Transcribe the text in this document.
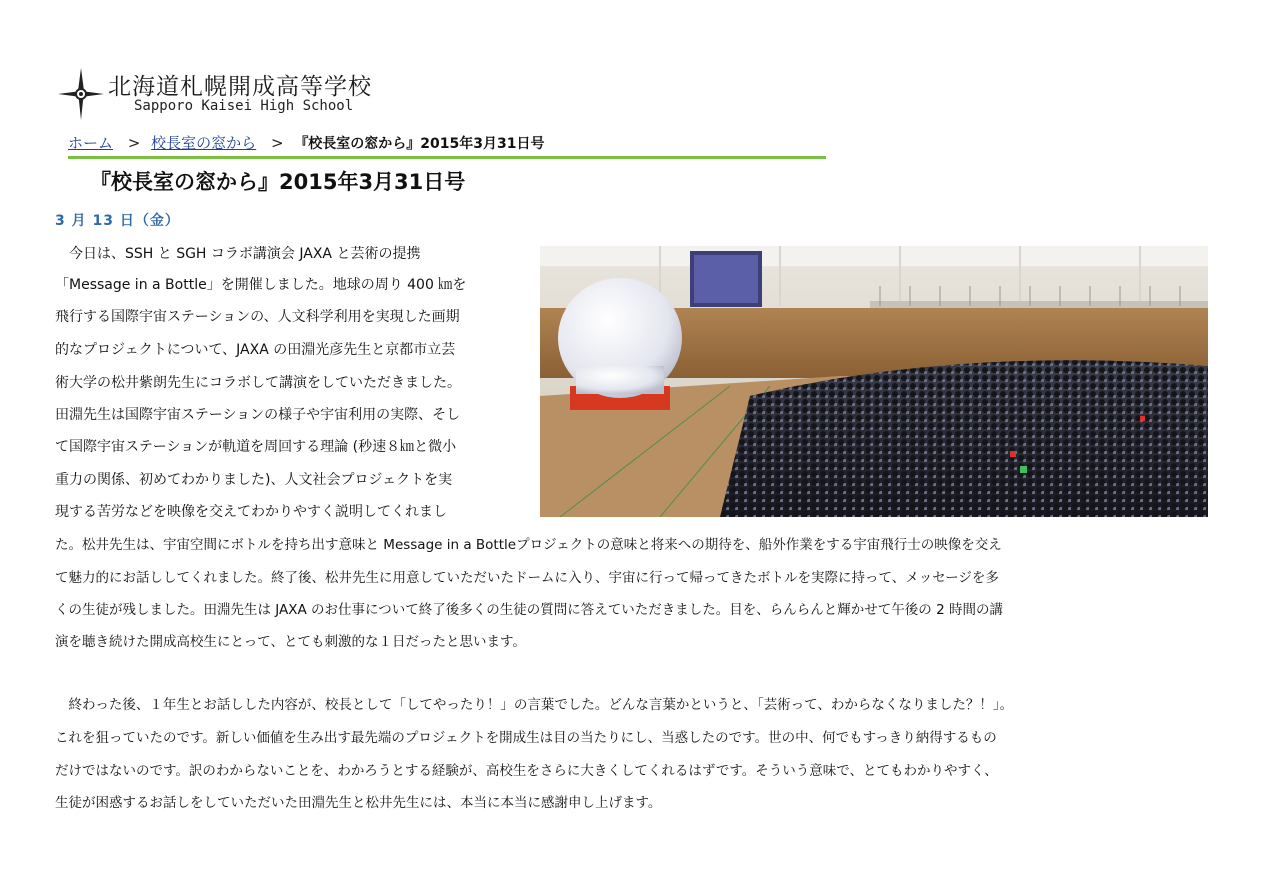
北海道札幌開成高等学校
Sapporo Kaisei High School
ホーム > 校長室の窓から > 『校長室の窓から』2015年3月31日号
『校長室の窓から』2015年3月31日号
3 月 13 日（金）
　今日は、SSH と SGH コラボ講演会 JAXA と芸術の提携
「Message in a Bottle」を開催しました。地球の周り 400 ㎞を
飛行する国際宇宙ステーションの、人文科学利用を実現した画期
的なプロジェクトについて、JAXA の田淵光彦先生と京都市立芸
術大学の松井紫朗先生にコラボして講演をしていただきました。
田淵先生は国際宇宙ステーションの様子や宇宙利用の実際、そし
て国際宇宙ステーションが軌道を周回する理論 (秒速８㎞と微小
重力の関係、初めてわかりました)、人文社会プロジェクトを実
現する苦労などを映像を交えてわかりやすく説明してくれまし
た。松井先生は、宇宙空間にボトルを持ち出す意味と Message in a Bottleプロジェクトの意味と将来への期待を、船外作業をする宇宙飛行士の映像を交え
て魅力的にお話ししてくれました。終了後、松井先生に用意していただいたドームに入り、宇宙に行って帰ってきたボトルを実際に持って、メッセージを多
くの生徒が残しました。田淵先生は JAXA のお仕事について終了後多くの生徒の質問に答えていただきました。目を、らんらんと輝かせて午後の 2 時間の講
演を聴き続けた開成高校生にとって、とても刺激的な１日だったと思います。
　終わった後、１年生とお話しした内容が、校長として「してやったり！」の言葉でした。どんな言葉かというと、「芸術って、わからなくなりました？！」。
これを狙っていたのです。新しい価値を生み出す最先端のプロジェクトを開成生は目の当たりにし、当惑したのです。世の中、何でもすっきり納得するもの
だけではないのです。訳のわからないことを、わかろうとする経験が、高校生をさらに大きくしてくれるはずです。そういう意味で、とてもわかりやすく、
生徒が困惑するお話しをしていただいた田淵先生と松井先生には、本当に本当に感謝申し上げます。
